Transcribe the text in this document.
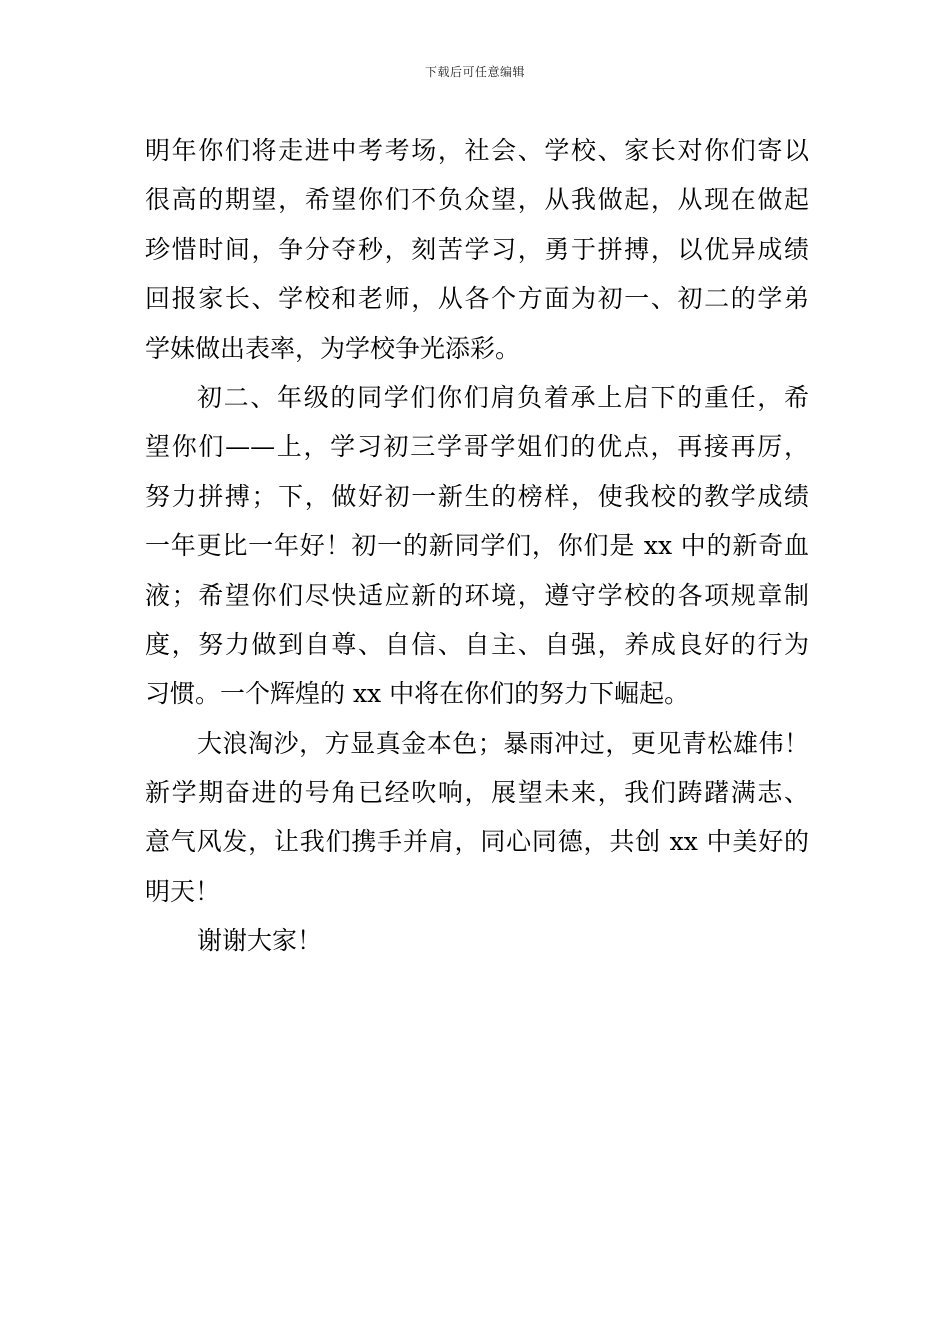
下载后可任意编辑
明年你们将走进中考考场，社会、学校、家长对你们寄以
很高的期望，希望你们不负众望，从我做起，从现在做起
珍惜时间，争分夺秒，刻苦学习，勇于拼搏，以优异成绩
回报家长、学校和老师，从各个方面为初一、初二的学弟
学妹做出表率，为学校争光添彩。
初二、年级的同学们你们肩负着承上启下的重任，希
望你们——上，学习初三学哥学姐们的优点，再接再厉，
努力拼搏；下，做好初一新生的榜样，使我校的教学成绩
一年更比一年好！初一的新同学们，你们是 xx 中的新奇血
液；希望你们尽快适应新的环境，遵守学校的各项规章制
度，努力做到自尊、自信、自主、自强，养成良好的行为
习惯。一个辉煌的 xx 中将在你们的努力下崛起。
大浪淘沙，方显真金本色；暴雨冲过，更见青松雄伟！
新学期奋进的号角已经吹响，展望未来，我们踌躇满志、
意气风发，让我们携手并肩，同心同德，共创 xx 中美好的
明天！
谢谢大家！
